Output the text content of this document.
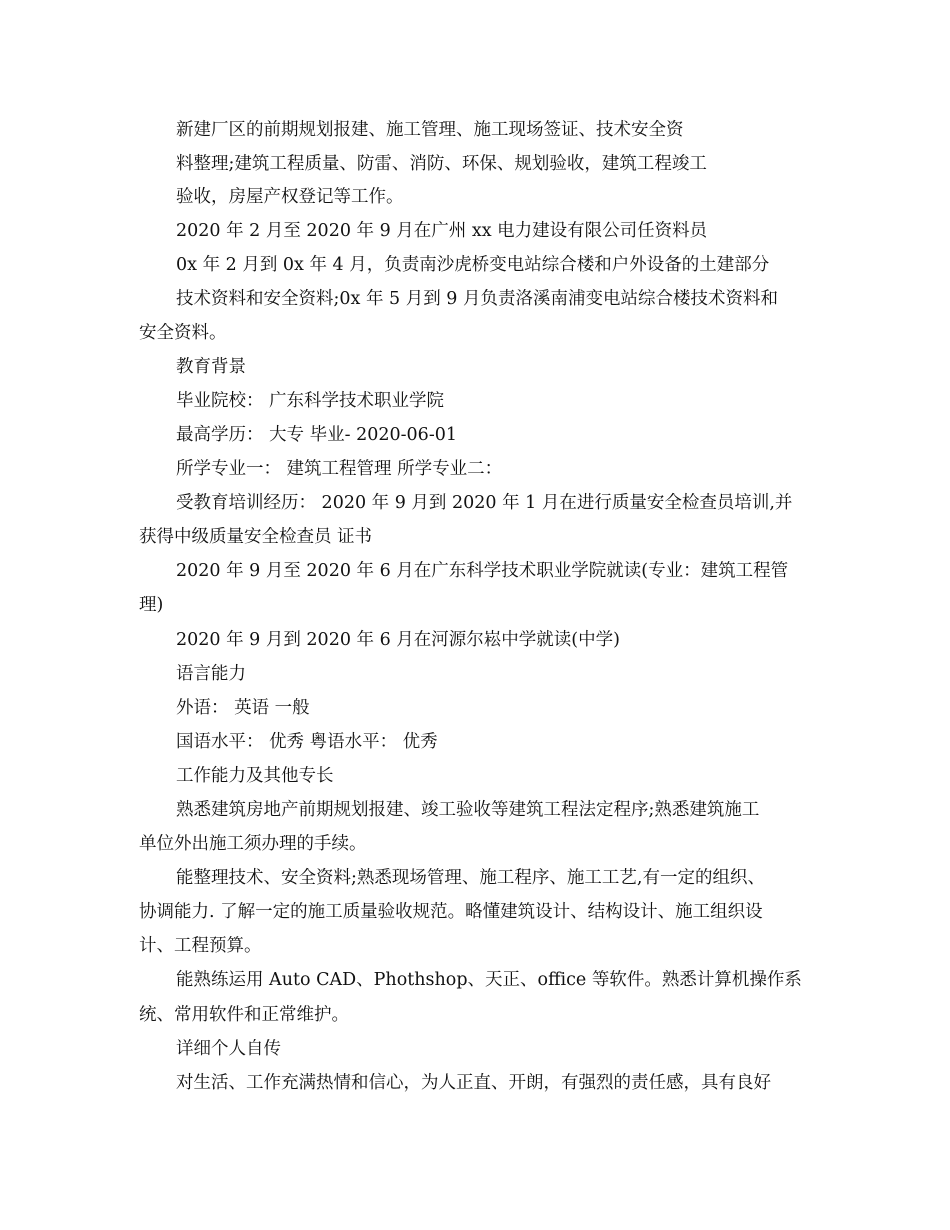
新建厂区的前期规划报建、施工管理、施工现场签证、技术安全资

料整理;建筑工程质量、防雷、消防、环保、规划验收，建筑工程竣工

验收，房屋产权登记等工作。

2020 年 2 月至 2020 年 9 月在广州 xx 电力建设有限公司任资料员

0x 年 2 月到 0x 年 4 月，负责南沙虎桥变电站综合楼和户外设备的土建部分

技术资料和安全资料;0x 年 5 月到 9 月负责洛溪南浦变电站综合楼技术资料和

安全资料。

教育背景

毕业院校： 广东科学技术职业学院

最高学历： 大专 毕业- 2020-06-01

所学专业一： 建筑工程管理 所学专业二：

受教育培训经历： 2020 年 9 月到 2020 年 1 月在进行质量安全检查员培训,并

获得中级质量安全检查员 证书

2020 年 9 月至 2020 年 6 月在广东科学技术职业学院就读(专业：建筑工程管

理)

2020 年 9 月到 2020 年 6 月在河源尔崧中学就读(中学)

语言能力

外语： 英语 一般

国语水平： 优秀 粤语水平： 优秀

工作能力及其他专长

熟悉建筑房地产前期规划报建、竣工验收等建筑工程法定程序;熟悉建筑施工

单位外出施工须办理的手续。

能整理技术、安全资料;熟悉现场管理、施工程序、施工工艺,有一定的组织、

协调能力. 了解一定的施工质量验收规范。略懂建筑设计、结构设计、施工组织设

计、工程预算。

能熟练运用 Auto CAD、Phothshop、天正、office 等软件。熟悉计算机操作系

统、常用软件和正常维护。

详细个人自传

对生活、工作充满热情和信心，为人正直、开朗，有强烈的责任感，具有良好
